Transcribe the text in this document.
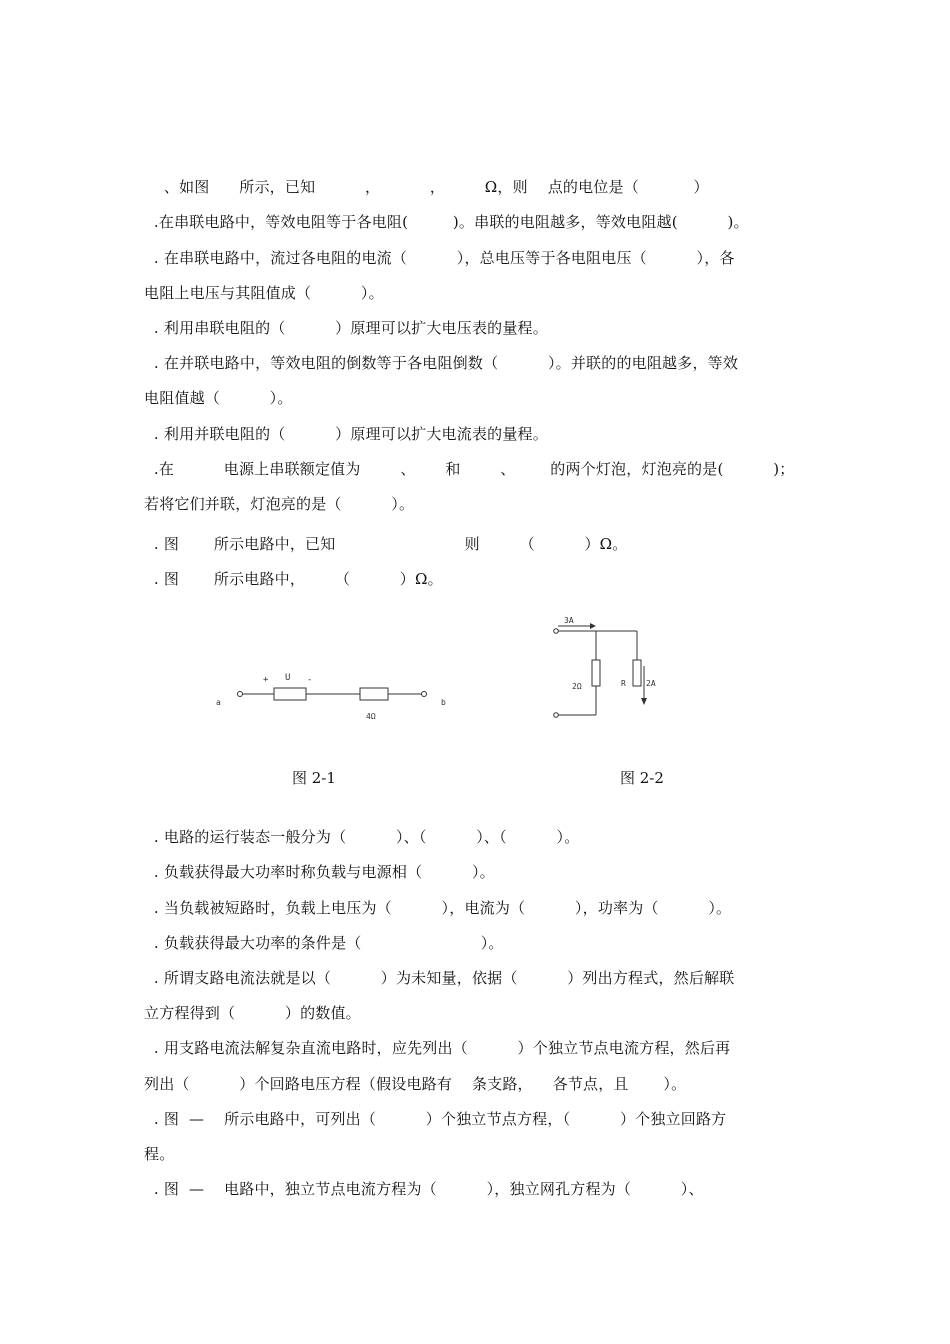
、如图      所示，已知          ，          ，        Ω，则    点的电位是（           ）
.在串联电路中，等效电阻等于各电阻(         )。串联的电阻越多，等效电阻越(          )。
. 在串联电路中，流过各电阻的电流（          ），总电压等于各电阻电压（          ），各
电阻上电压与其阻值成（          ）。
. 利用串联电阻的（          ）原理可以扩大电压表的量程。
. 在并联电路中，等效电阻的倒数等于各电阻倒数（          ）。并联的的电阻越多，等效
电阻值越（          ）。
. 利用并联电阻的（          ）原理可以扩大电流表的量程。
.在          电源上串联额定值为        、      和        、       的两个灯泡，灯泡亮的是(          )；
若将它们并联，灯泡亮的是（          ）。
. 图       所示电路中，已知                          则        （          ）Ω。
. 图       所示电路中，      （          ）Ω。
a
+ U -
4Ω
b
图 2-1
3A
2Ω	R	2A
图 2-2
. 电路的运行装态一般分为（          ）、（          ）、（          ）。
. 负载获得最大功率时称负载与电源相（          ）。
. 当负载被短路时，负载上电压为（          ），电流为（          ），功率为（          ）。
. 负载获得最大功率的条件是（                        ）。
. 所谓支路电流法就是以（          ）为未知量，依据（          ）列出方程式，然后解联
立方程得到（          ）的数值。
. 用支路电流法解复杂直流电路时，应先列出（          ）个独立节点电流方程，然后再
列出（          ）个回路电压方程（假设电路有    条支路，    各节点，且       ）。
. 图  —    所示电路中，可列出（          ）个独立节点方程，（          ）个独立回路方
程。
. 图  —    电路中，独立节点电流方程为（          ），独立网孔方程为（          ）、
